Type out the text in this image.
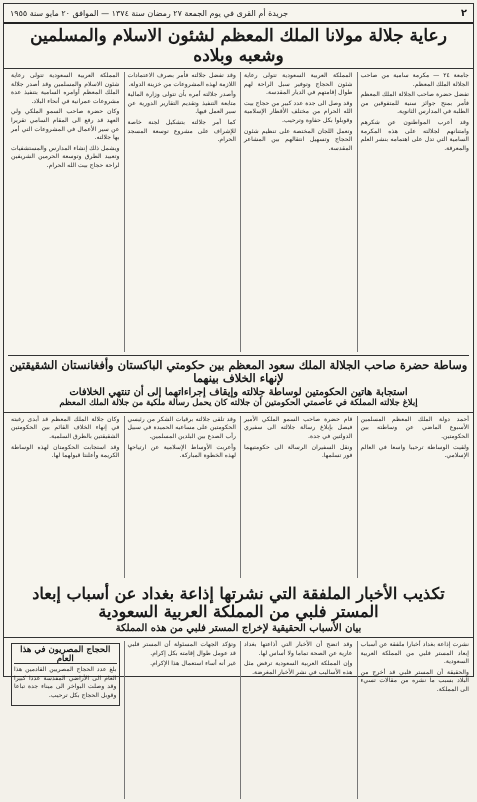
٢
جريدة أم القرى في يوم الجمعة ٢٧ رمضان سنة ١٣٧٤ — الموافق ٢٠ مايو سنة ١٩٥٥
رعاية جلالة مولانا الملك المعظم لشئون الاسلام والمسلمين وشعبه وبلاده

جامعة ٢٤ — مكرمة سامية من صاحب الجلالة الملك المعظم.

تفضل حضرة صاحب الجلالة الملك المعظم فأمر بمنح جوائز سنية للمتفوقين من الطلبة في المدارس الثانوية.

وقد أعرب المواطنون عن شكرهم وامتنانهم لجلالته على هذه المكرمة السامية التي تدل على اهتمامه بنشر العلم والمعرفة.

المملكة العربية السعودية تتولى رعاية شئون الحجاج وتوفير سبل الراحة لهم طوال إقامتهم في الديار المقدسة.

وقد وصل الى جدة عدد كبير من حجاج بيت الله الحرام من مختلف الأقطار الإسلامية وقوبلوا بكل حفاوة وترحيب.

وتعمل اللجان المختصة على تنظيم شئون الحجاج وتسهيل انتقالهم بين المشاعر المقدسة.

وقد تفضل جلالته فأمر بصرف الاعتمادات اللازمة لهذه المشروعات من خزينة الدولة.

وأصدر جلالته أمره بأن تتولى وزارة المالية متابعة التنفيذ وتقديم التقارير الدورية عن سير العمل فيها.

كما أمر جلالته بتشكيل لجنة خاصة للإشراف على مشروع توسعة المسجد الحرام.

المملكة العربية السعودية تتولى رعاية شئون الاسلام والمسلمين وقد أصدر جلالة الملك المعظم أوامره السامية بتنفيذ عدة مشروعات عمرانية في أنحاء البلاد.

وكان حضرة صاحب السمو الملكي ولي العهد قد رفع الى المقام السامي تقريرا عن سير الأعمال في المشروعات التي أمر بها جلالته.

ويشمل ذلك إنشاء المدارس والمستشفيات وتعبيد الطرق وتوسعة الحرمين الشريفين لراحة حجاج بيت الله الحرام.

وساطة حضرة صاحب الجلالة الملك سعود المعظم بين حكومتي الباكستان وأفغانستان الشقيقتين لإنهاء الخلاف بينهما
استجابة هاتين الحكومتين لوساطة جلالته وإيقاف إجراءاتهما إلى أن تنتهي الخلافات
إبلاغ جلالته المملكة في عاصمتي الحكومتين أن جلالته كان يحمل رسالة ملكية من جلالة الملك المعظم

أحمد دولة الملك المعظم المسلمين الأسبوع الماضي عن وساطته بين الحكومتين.

ولقيت الوساطة ترحيبا واسعا في العالم الإسلامي.

قام حضرة صاحب السمو الملكي الأمير فيصل بإبلاغ رسالة جلالته الى سفيري الدولتين في جدة.

ونقل السفيران الرسالة الى حكومتيهما فور تسلمها.

وقد تلقى جلالته برقيات الشكر من رئيسي الحكومتين على مساعيه الحميدة في سبيل رأب الصدع بين البلدين المسلمين.

وأعربت الأوساط الإسلامية عن ارتياحها لهذه الخطوة المباركة.

وكان جلالة الملك المعظم قد أبدى رغبته في إنهاء الخلاف القائم بين الحكومتين الشقيقتين بالطرق السلمية.

وقد استجابت الحكومتان لهذه الوساطة الكريمة وأعلنتا قبولهما لها.

تكذيب الأخبار الملفقة التي نشرتها إذاعة بغداد عن أسباب إبعاد المستر فلبي من المملكة العربية السعودية
بيان الأسباب الحقيقية لإخراج المستر فلبي من هذه المملكة

نشرت إذاعة بغداد أخبارا ملفقة عن أسباب إبعاد المستر فلبي من المملكة العربية السعودية.

والحقيقة أن المستر فلبي قد أخرج من البلاد بسبب ما نشره من مقالات تسيء الى المملكة.

وقد اتضح أن الأخبار التي أذاعتها بغداد عارية عن الصحة تماما ولا أساس لها.

وإن المملكة العربية السعودية ترفض مثل هذه الأساليب في نشر الأخبار المغرضة.

وتؤكد الجهات المسئولة أن المستر فلبي قد عومل طوال إقامته بكل إكرام.

غير أنه أساء استعمال هذا الإكرام.

الحجاج المصريون في هذا العام

بلغ عدد الحجاج المصريين القادمين هذا العام الى الأراضي المقدسة عددا كبيرا وقد وصلت البواخر الى ميناء جدة تباعا وقوبل الحجاج بكل ترحيب.
